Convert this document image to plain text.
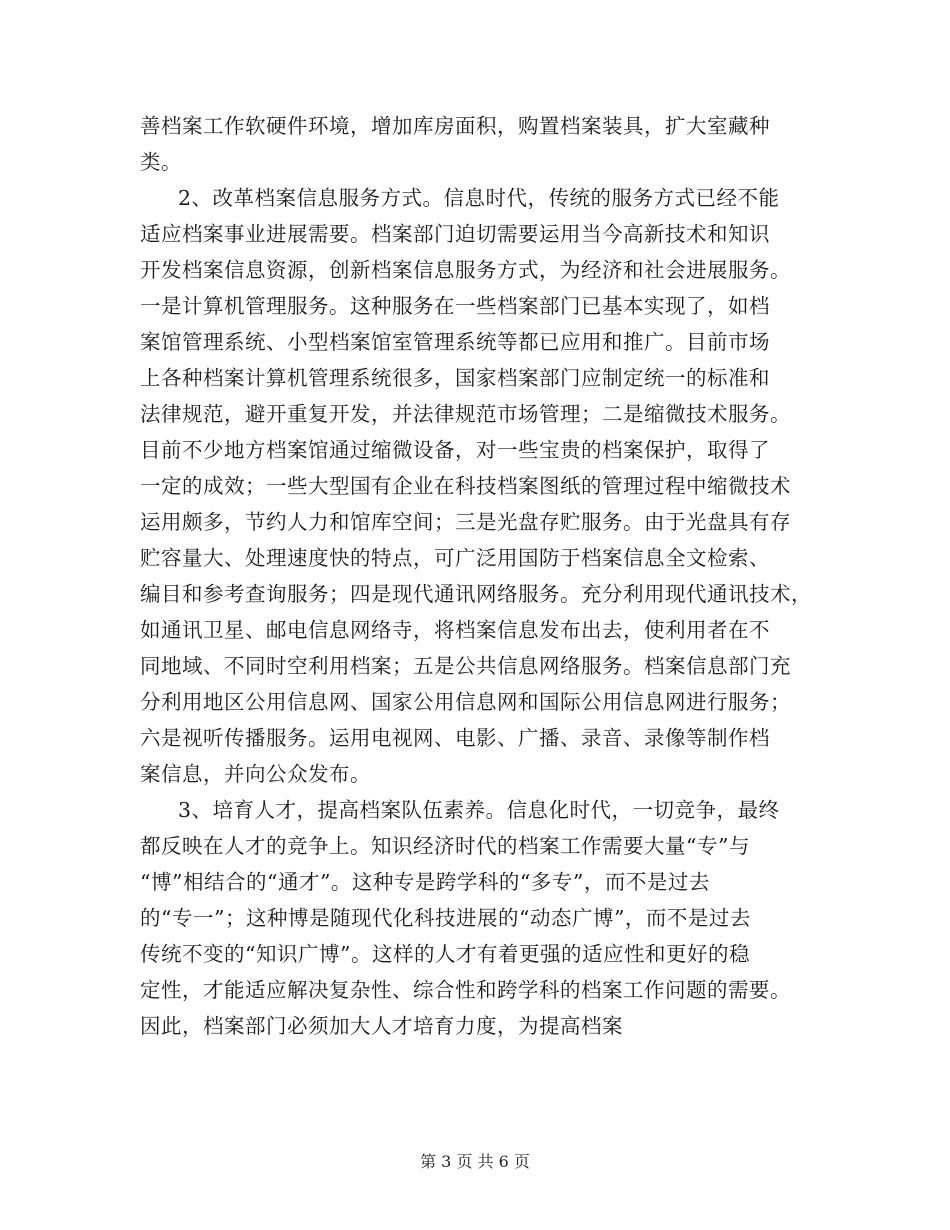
善档案工作软硬件环境，增加库房面积，购置档案装具，扩大室藏种
类。
2、改革档案信息服务方式。信息时代，传统的服务方式已经不能
适应档案事业进展需要。档案部门迫切需要运用当今高新技术和知识
开发档案信息资源，创新档案信息服务方式，为经济和社会进展服务。
一是计算机管理服务。这种服务在一些档案部门已基本实现了，如档
案馆管理系统、小型档案馆室管理系统等都已应用和推广。目前市场
上各种档案计算机管理系统很多，国家档案部门应制定统一的标准和
法律规范，避开重复开发，并法律规范市场管理；二是缩微技术服务。
目前不少地方档案馆通过缩微设备，对一些宝贵的档案保护，取得了
一定的成效；一些大型国有企业在科技档案图纸的管理过程中缩微技术
运用颇多，节约人力和馆库空间；三是光盘存贮服务。由于光盘具有存
贮容量大、处理速度快的特点，可广泛用国防于档案信息全文检索、
编目和参考查询服务；四是现代通讯网络服务。充分利用现代通讯技术，
如通讯卫星、邮电信息网络寺，将档案信息发布出去，使利用者在不
同地域、不同时空利用档案；五是公共信息网络服务。档案信息部门充
分利用地区公用信息网、国家公用信息网和国际公用信息网进行服务；
六是视听传播服务。运用电视网、电影、广播、录音、录像等制作档
案信息，并向公众发布。
3、培育人才，提高档案队伍素养。信息化时代，一切竞争，最终
都反映在人才的竞争上。知识经济时代的档案工作需要大量“专”与
“博”相结合的“通才”。这种专是跨学科的“多专”，而不是过去
的“专一”；这种博是随现代化科技进展的“动态广博”，而不是过去
传统不变的“知识广博”。这样的人才有着更强的适应性和更好的稳
定性，才能适应解决复杂性、综合性和跨学科的档案工作问题的需要。
因此，档案部门必须加大人才培育力度，为提高档案
第 3 页 共 6 页
